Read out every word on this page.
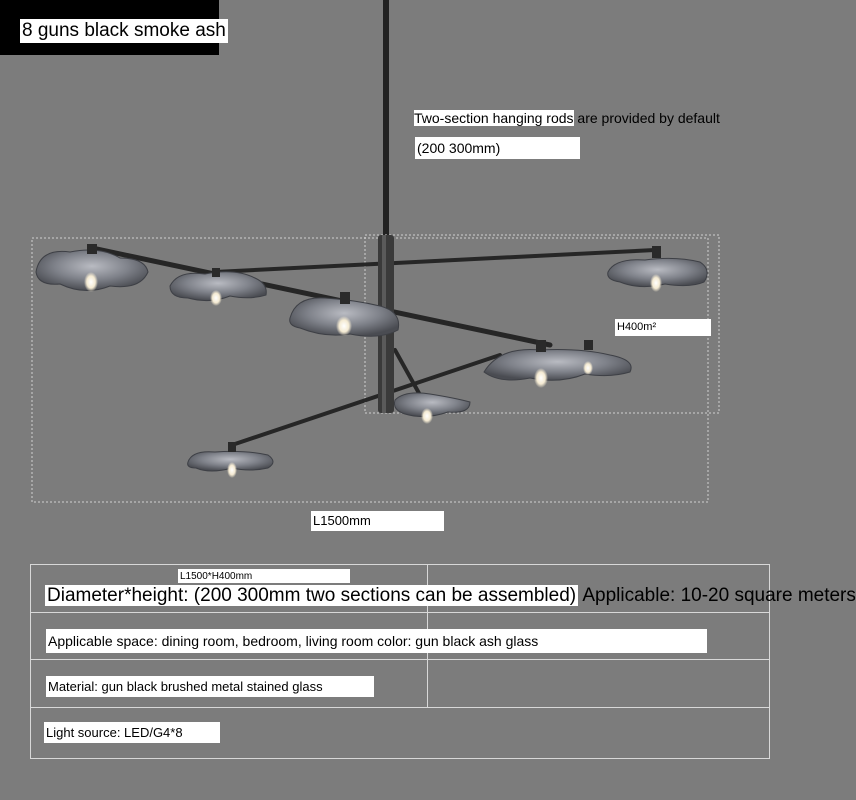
8 guns black smoke ash
Two-section hanging rods are provided by default
(200 300mm)
H400m²
L1500mm
L1500*H400mm
Diameter*height: (200 300mm two sections can be assembled) Applicable: 10-20 square meters
Applicable space: dining room, bedroom, living room color: gun black ash glass
Material: gun black brushed metal stained glass
Light source: LED/G4*8
